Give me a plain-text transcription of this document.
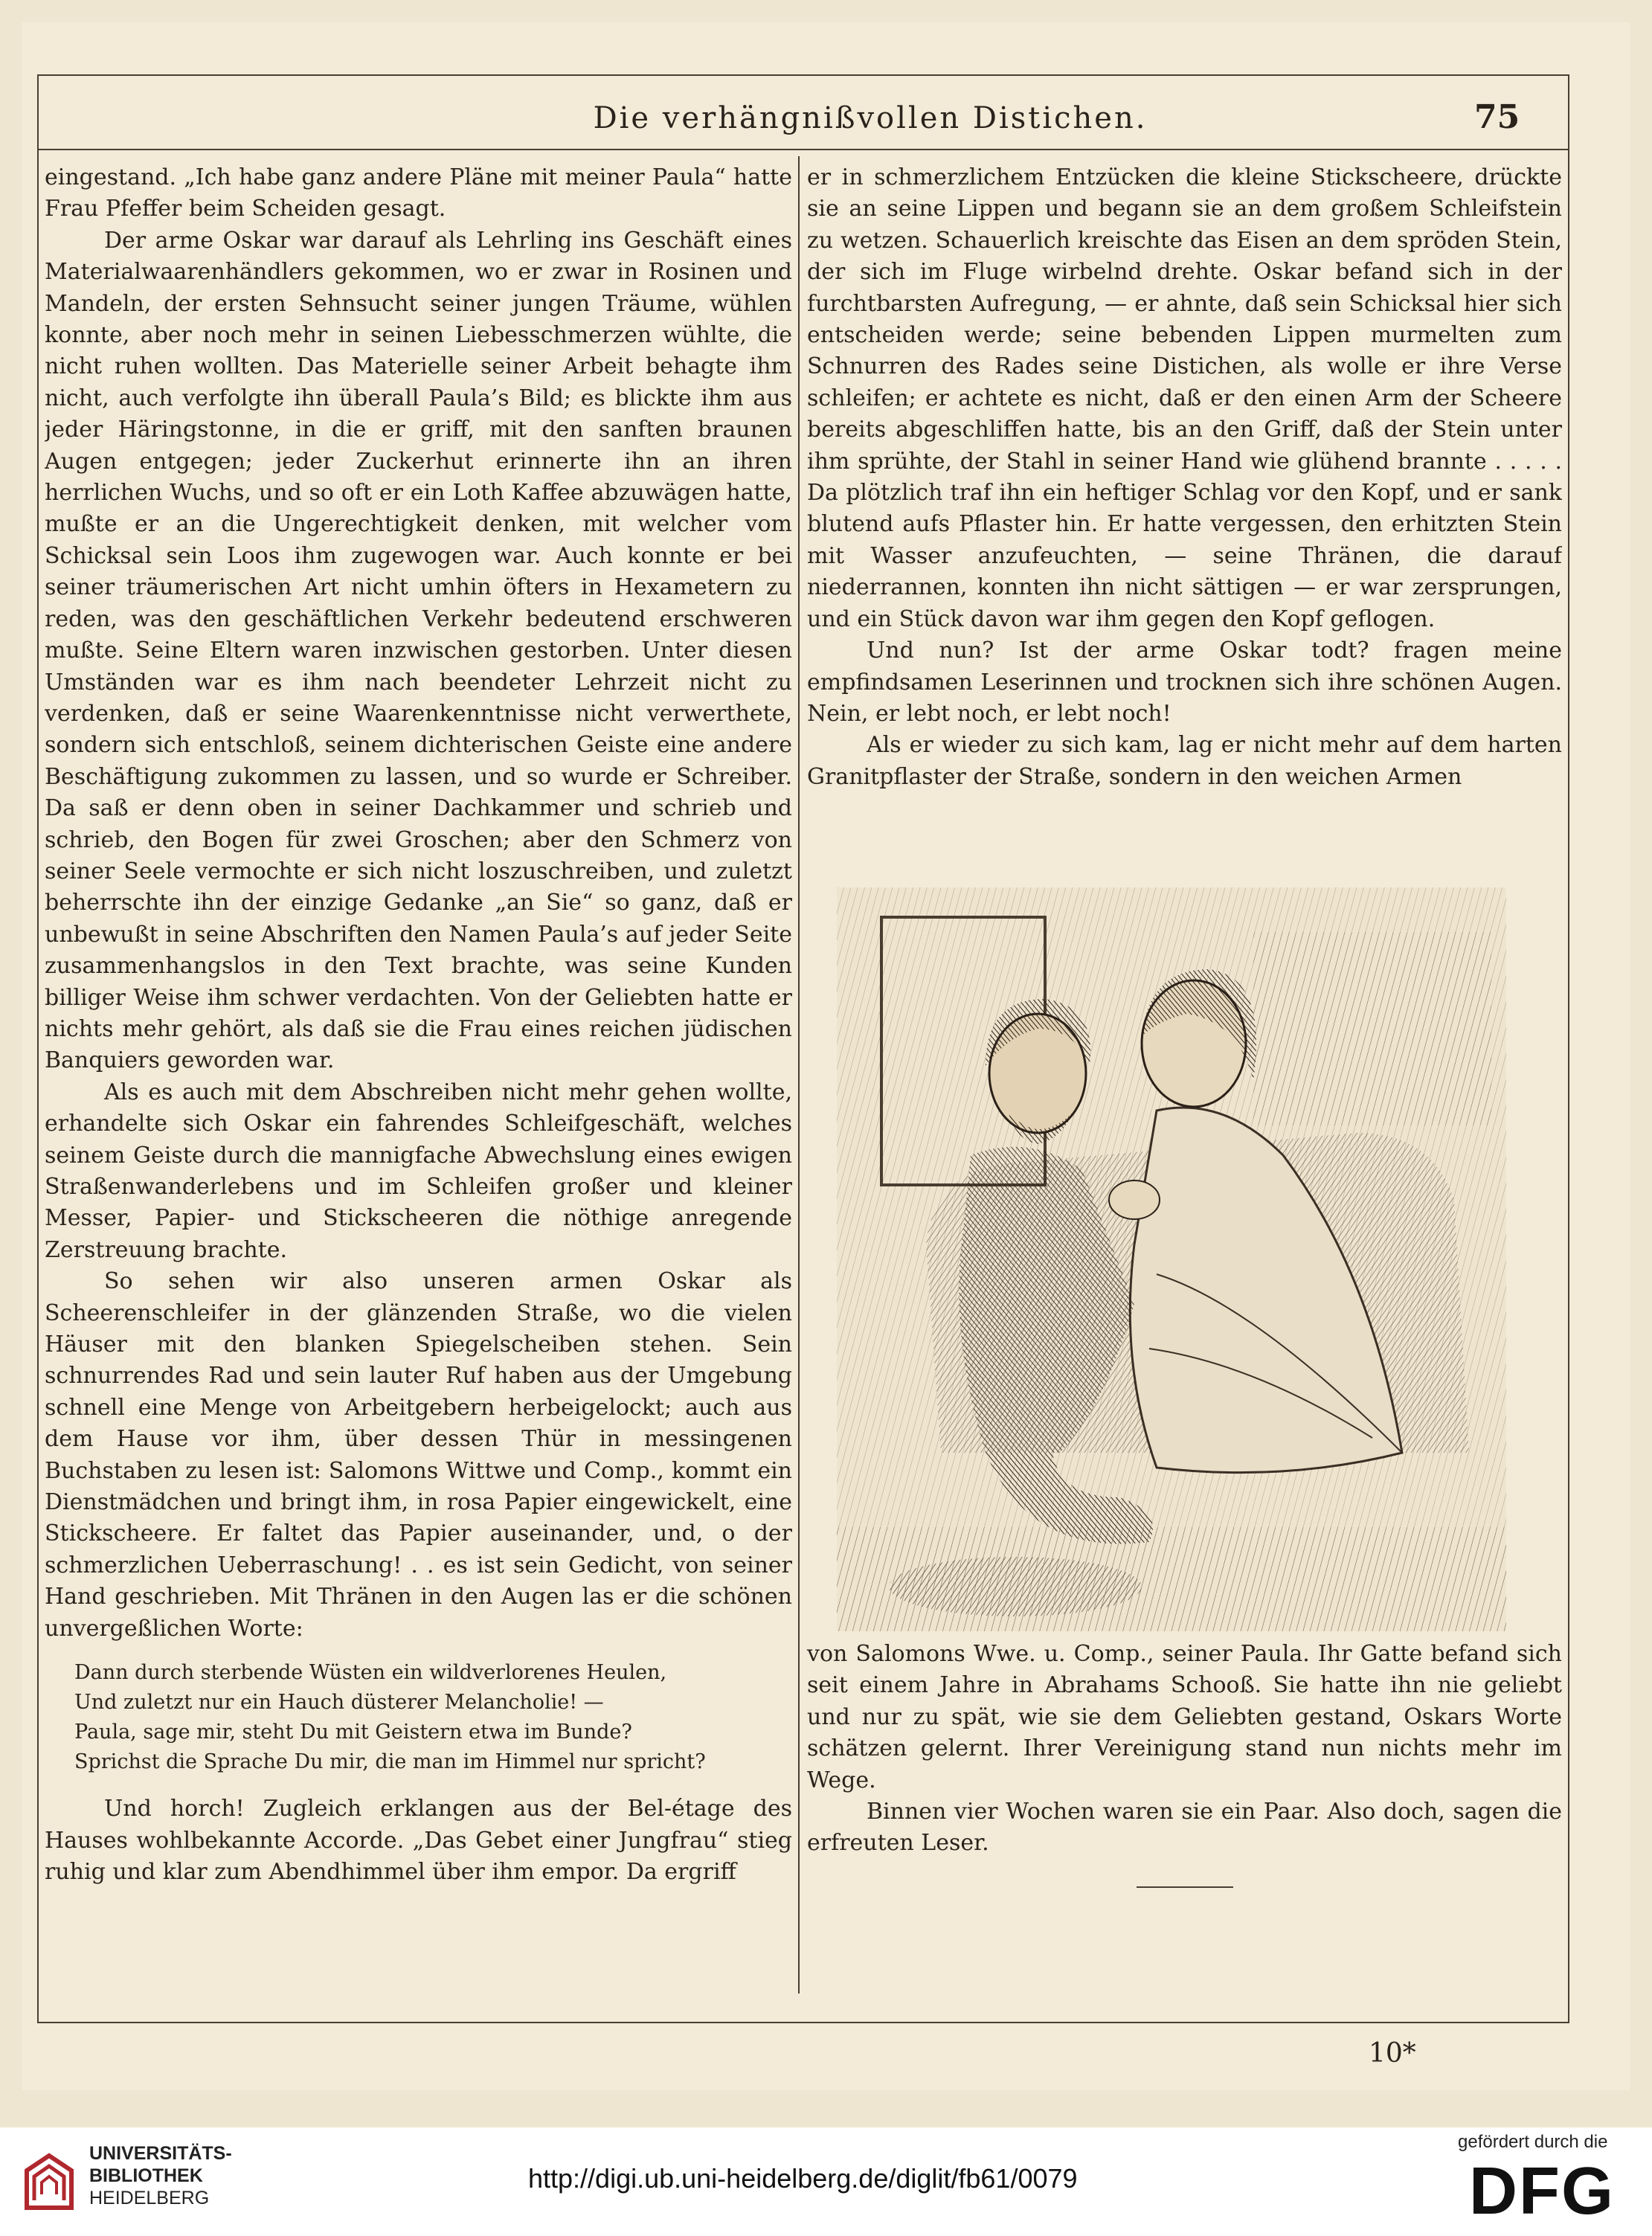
Die verhängnißvollen Distichen.	75

eingestand. „Ich habe ganz andere Pläne mit meiner Paula“ hatte Frau Pfeffer beim Scheiden gesagt.

Der arme Oskar war darauf als Lehrling ins Geschäft eines Materialwaarenhändlers gekommen, wo er zwar in Rosinen und Mandeln, der ersten Sehnsucht seiner jungen Träume, wühlen konnte, aber noch mehr in seinen Liebesschmerzen wühlte, die nicht ruhen wollten. Das Materielle seiner Arbeit behagte ihm nicht, auch verfolgte ihn überall Paula’s Bild; es blickte ihm aus jeder Häringstonne, in die er griff, mit den sanften braunen Augen entgegen; jeder Zuckerhut erinnerte ihn an ihren herrlichen Wuchs, und so oft er ein Loth Kaffee abzuwägen hatte, mußte er an die Ungerechtigkeit denken, mit welcher vom Schicksal sein Loos ihm zugewogen war. Auch konnte er bei seiner träumerischen Art nicht umhin öfters in Hexametern zu reden, was den geschäftlichen Verkehr bedeutend erschweren mußte. Seine Eltern waren inzwischen gestorben. Unter diesen Umständen war es ihm nach beendeter Lehrzeit nicht zu verdenken, daß er seine Waarenkenntnisse nicht verwerthete, sondern sich entschloß, seinem dichterischen Geiste eine andere Beschäftigung zukommen zu lassen, und so wurde er Schreiber. Da saß er denn oben in seiner Dachkammer und schrieb und schrieb, den Bogen für zwei Groschen; aber den Schmerz von seiner Seele vermochte er sich nicht loszuschreiben, und zuletzt beherrschte ihn der einzige Gedanke „an Sie“ so ganz, daß er unbewußt in seine Abschriften den Namen Paula’s auf jeder Seite zusammenhangslos in den Text brachte, was seine Kunden billiger Weise ihm schwer verdachten. Von der Geliebten hatte er nichts mehr gehört, als daß sie die Frau eines reichen jüdischen Banquiers geworden war.

Als es auch mit dem Abschreiben nicht mehr gehen wollte, erhandelte sich Oskar ein fahrendes Schleifgeschäft, welches seinem Geiste durch die mannigfache Abwechslung eines ewigen Straßenwanderlebens und im Schleifen großer und kleiner Messer, Papier- und Stickscheeren die nöthige anregende Zerstreuung brachte.

So sehen wir also unseren armen Oskar als Scheerenschleifer in der glänzenden Straße, wo die vielen Häuser mit den blanken Spiegelscheiben stehen. Sein schnurrendes Rad und sein lauter Ruf haben aus der Umgebung schnell eine Menge von Arbeitgebern herbeigelockt; auch aus dem Hause vor ihm, über dessen Thür in messingenen Buchstaben zu lesen ist: Salomons Wittwe und Comp., kommt ein Dienstmädchen und bringt ihm, in rosa Papier eingewickelt, eine Stickscheere. Er faltet das Papier auseinander, und, o der schmerzlichen Ueberraschung! . . es ist sein Gedicht, von seiner Hand geschrieben. Mit Thränen in den Augen las er die schönen unvergeßlichen Worte:

Dann durch sterbende Wüsten ein wildverlorenes Heulen,
Und zuletzt nur ein Hauch düsterer Melancholie! —
Paula, sage mir, steht Du mit Geistern etwa im Bunde?
Sprichst die Sprache Du mir, die man im Himmel nur spricht?

Und horch! Zugleich erklangen aus der Bel-étage des Hauses wohlbekannte Accorde. „Das Gebet einer Jungfrau“ stieg ruhig und klar zum Abendhimmel über ihm empor. Da ergriff

er in schmerzlichem Entzücken die kleine Stickscheere, drückte sie an seine Lippen und begann sie an dem großem Schleifstein zu wetzen. Schauerlich kreischte das Eisen an dem spröden Stein, der sich im Fluge wirbelnd drehte. Oskar befand sich in der furchtbarsten Aufregung, — er ahnte, daß sein Schicksal hier sich entscheiden werde; seine bebenden Lippen murmelten zum Schnurren des Rades seine Distichen, als wolle er ihre Verse schleifen; er achtete es nicht, daß er den einen Arm der Scheere bereits abgeschliffen hatte, bis an den Griff, daß der Stein unter ihm sprühte, der Stahl in seiner Hand wie glühend brannte . . . . . Da plötzlich traf ihn ein heftiger Schlag vor den Kopf, und er sank blutend aufs Pflaster hin. Er hatte vergessen, den erhitzten Stein mit Wasser anzufeuchten, — seine Thränen, die darauf niederrannen, konnten ihn nicht sättigen — er war zersprungen, und ein Stück davon war ihm gegen den Kopf geflogen.

Und nun? Ist der arme Oskar todt? fragen meine empfindsamen Leserinnen und trocknen sich ihre schönen Augen. Nein, er lebt noch, er lebt noch!

Als er wieder zu sich kam, lag er nicht mehr auf dem harten Granitpflaster der Straße, sondern in den weichen Armen

von Salomons Wwe. u. Comp., seiner Paula. Ihr Gatte befand sich seit einem Jahre in Abrahams Schooß. Sie hatte ihn nie geliebt und nur zu spät, wie sie dem Geliebten gestand, Oskars Worte schätzen gelernt. Ihrer Vereinigung stand nun nichts mehr im Wege.

Binnen vier Wochen waren sie ein Paar. Also doch, sagen die erfreuten Leser.

10*
UNIVERSITÄTS-
BIBLIOTHEK
HEIDELBERG
http://digi.ub.uni-heidelberg.de/diglit/fb61/0079
gefördert durch die
DFG
